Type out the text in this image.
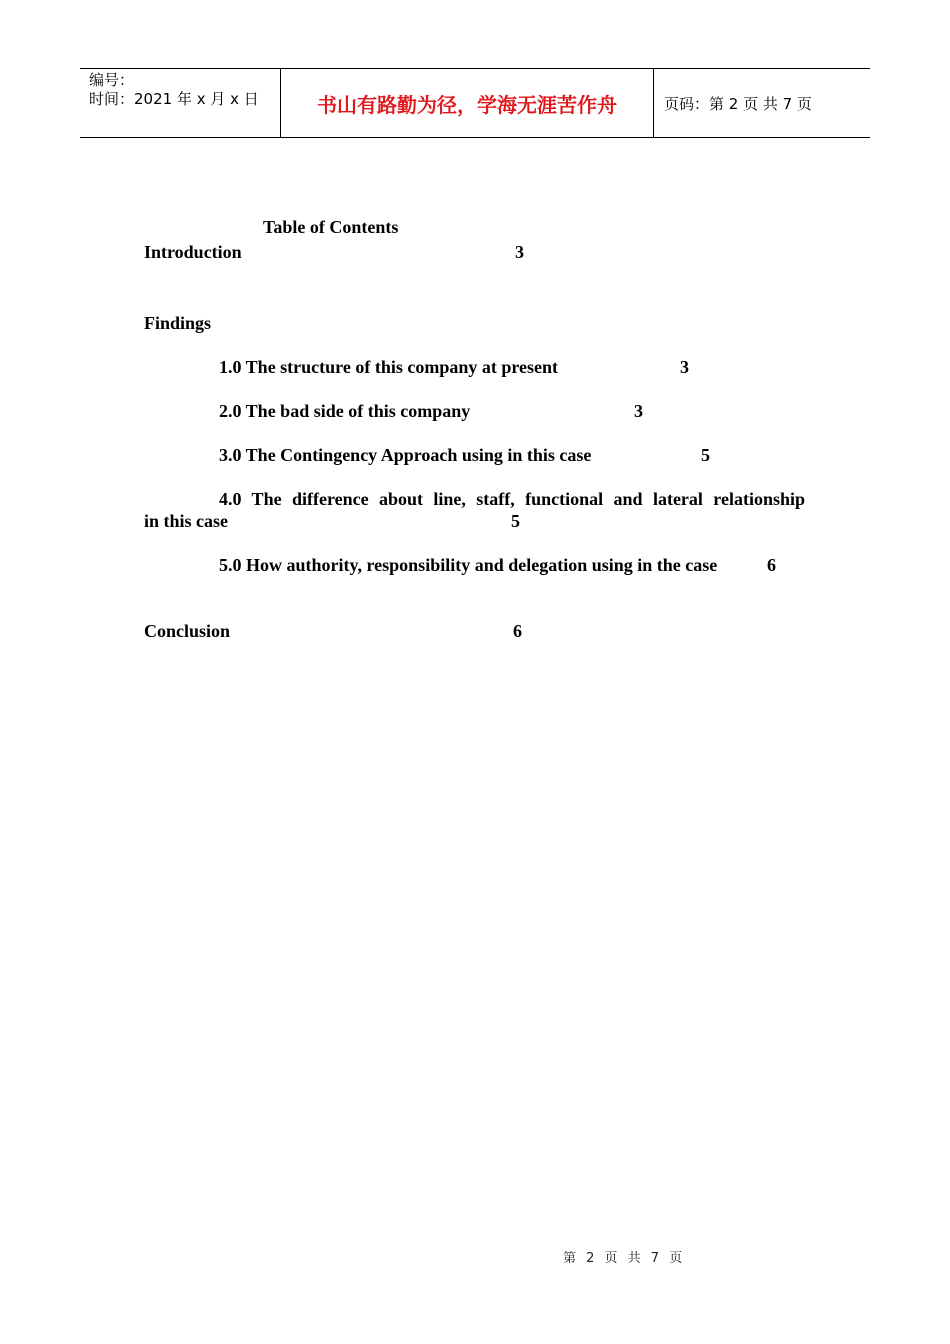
编号：
时间：2021 年 x 月 x 日	书山有路勤为径，学海无涯苦作舟	页码：第 2 页 共 7 页
Table of Contents
Introduction	3
Findings
1.0 The structure of this company at present	3
2.0 The bad side of this company	3
3.0 The Contingency Approach using in this case	5
4.0 The difference about line, staff, functional and lateral relationship
in this case	5
5.0 How authority, responsibility and delegation using in the case	6
Conclusion	6
第 2 页 共 7 页
